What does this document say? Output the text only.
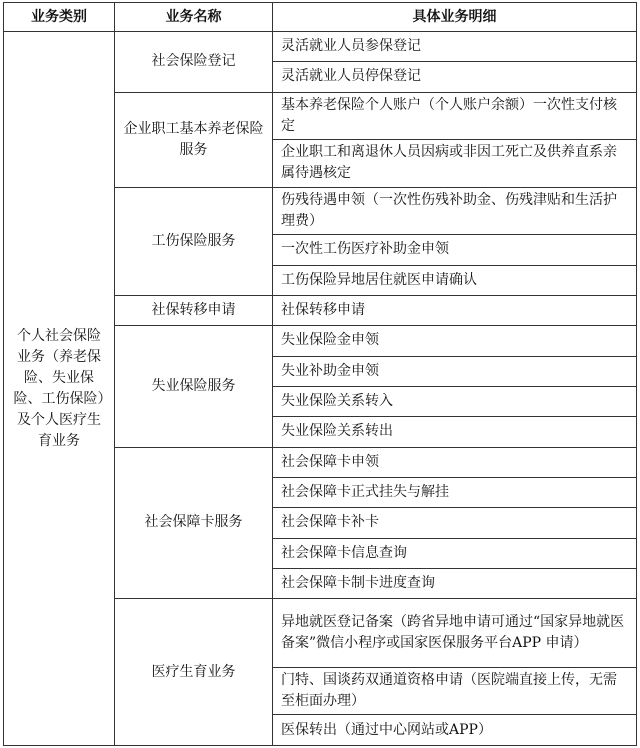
业务类别	业务名称	具体业务明细
个人社会保险业务（养老保险、失业保险、工伤保险）及个人医疗生育业务	社会保险登记	灵活就业人员参保登记
		灵活就业人员停保登记
	企业职工基本养老保险服务	基本养老保险个人账户（个人账户余额）一次性支付核定
		企业职工和离退休人员因病或非因工死亡及供养直系亲属待遇核定
	工伤保险服务	伤残待遇申领（一次性伤残补助金、伤残津贴和生活护理费）
		一次性工伤医疗补助金申领
		工伤保险异地居住就医申请确认
	社保转移申请	社保转移申请
	失业保险服务	失业保险金申领
		失业补助金申领
		失业保险关系转入
		失业保险关系转出
	社会保障卡服务	社会保障卡申领
		社会保障卡正式挂失与解挂
		社会保障卡补卡
		社会保障卡信息查询
		社会保障卡制卡进度查询
	医疗生育业务	异地就医登记备案（跨省异地申请可通过“国家异地就医备案”微信小程序或国家医保服务平台APP 申请）
		门特、国谈药双通道资格申请（医院端直接上传，无需至柜面办理）
		医保转出（通过中心网站或APP）
